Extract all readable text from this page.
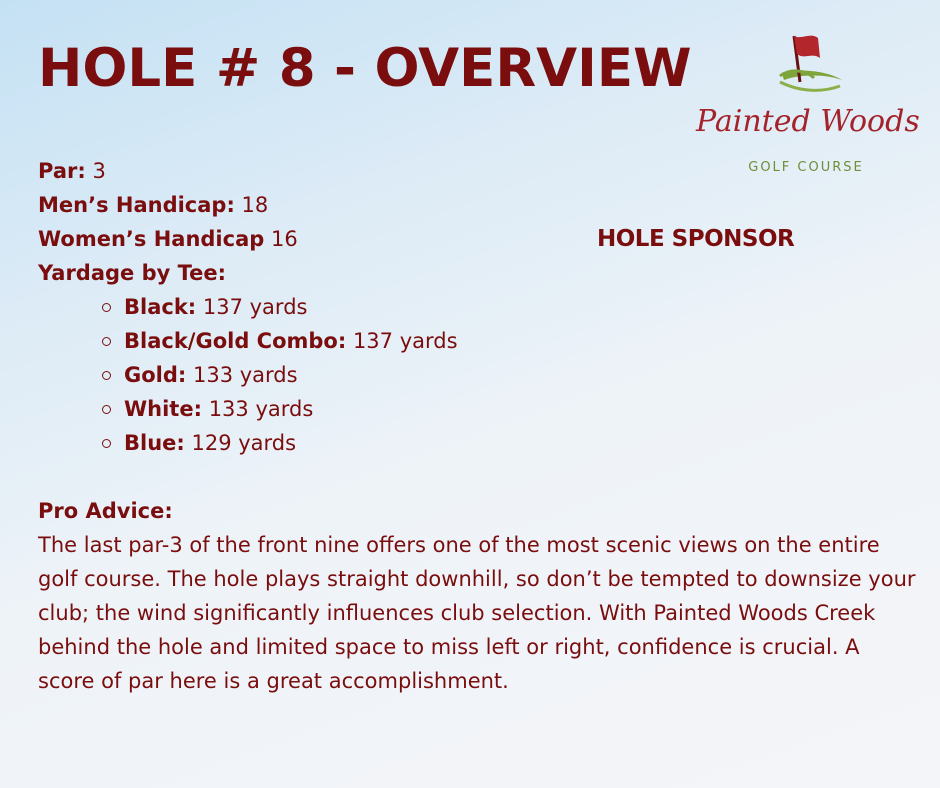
HOLE # 8 - OVERVIEW
Painted Woods
GOLF COURSE
Par: 3
Men’s Handicap: 18
Women’s Handicap 16
Yardage by Tee:
Black: 137 yards
Black/Gold Combo: 137 yards
Gold: 133 yards
White: 133 yards
Blue: 129 yards
HOLE SPONSOR
Pro Advice:
The last par-3 of the front nine offers one of the most scenic views on the entire golf course. The hole plays straight downhill, so don’t be tempted to downsize your club; the wind significantly influences club selection. With Painted Woods Creek behind the hole and limited space to miss left or right, confidence is crucial. A score of par here is a great accomplishment.
